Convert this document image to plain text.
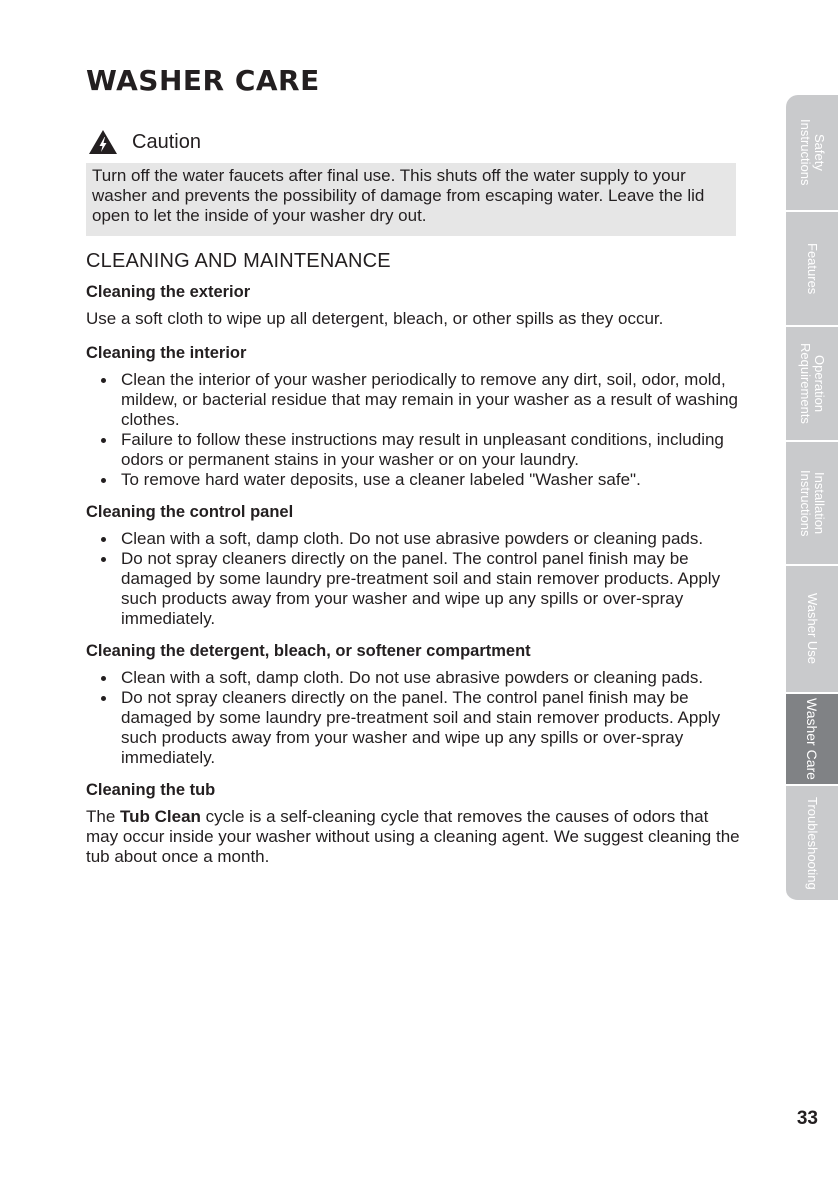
WASHER CARE
Caution
Turn off the water faucets after final use. This shuts off the water supply to your washer and prevents the possibility of damage from escaping water. Leave the lid open to let the inside of your washer dry out.
CLEANING AND MAINTENANCE
Cleaning the exterior

Use a soft cloth to wipe up all detergent, bleach, or other spills as they occur.

Cleaning the interior
Clean the interior of your washer periodically to remove any dirt, soil, odor, mold, mildew, or bacterial residue that may remain in your washer as a result of washing clothes.
Failure to follow these instructions may result in unpleasant conditions, including odors or permanent stains in your washer or on your laundry.
To remove hard water deposits, use a cleaner labeled "Washer safe".
Cleaning the control panel
Clean with a soft, damp cloth. Do not use abrasive powders or cleaning pads.
Do not spray cleaners directly on the panel. The control panel finish may be damaged by some laundry pre-treatment soil and stain remover products. Apply such products away from your washer and wipe up any spills or over-spray immediately.
Cleaning the detergent, bleach, or softener compartment
Clean with a soft, damp cloth. Do not use abrasive powders or cleaning pads.
Do not spray cleaners directly on the panel. The control panel finish may be damaged by some laundry pre-treatment soil and stain remover products. Apply such products away from your washer and wipe up any spills or over-spray immediately.
Cleaning the tub

The Tub Clean cycle is a self-cleaning cycle that removes the causes of odors that may occur inside your washer without using a cleaning agent. We suggest cleaning the tub about once a month.

Safety
Instructions
Features
Operation
Requirements
Installation
Instructions
Washer Use
Washer Care
Troubleshooting
33
